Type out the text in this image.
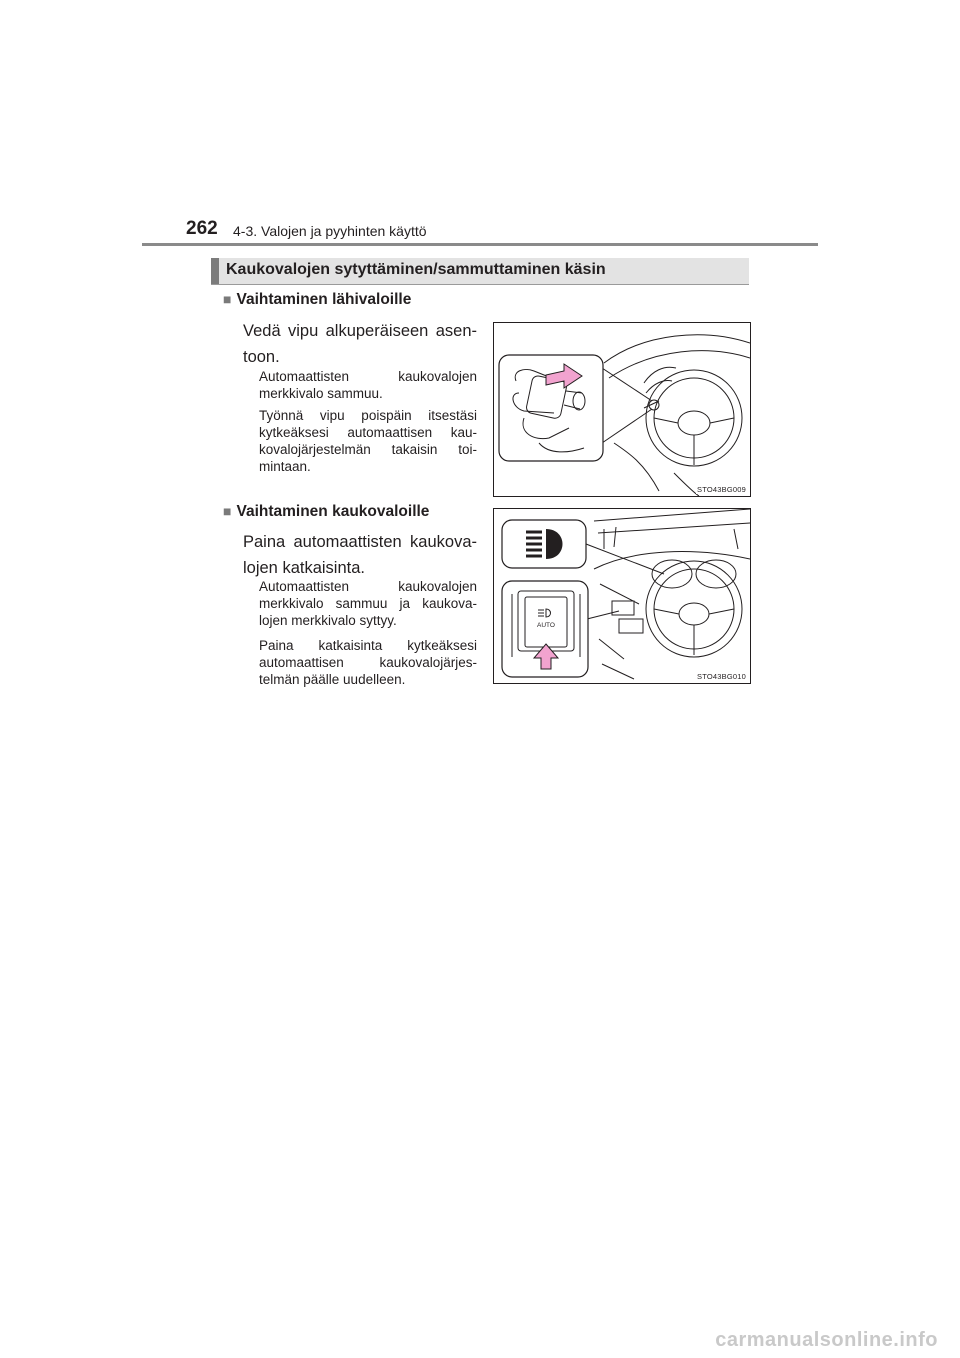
262 4-3. Valojen ja pyyhinten käyttö
Kaukovalojen sytyttäminen/sammuttaminen käsin
■ Vaihtaminen lähivaloille
Vedä vipu alkuperäiseen asen- toon.
Automaattisten kaukovalojen merkkivalo sammuu.
Työnnä vipu poispäin itsestäsi kytkeäksesi automaattisen kau- kovalojärjestelmän takaisin toi- mintaan.
STO43BG009
■ Vaihtaminen kaukovaloille
Paina automaattisten kaukova- lojen katkaisinta.
Automaattisten kaukovalojen merkkivalo sammuu ja kaukova- lojen merkkivalo syttyy.
Paina katkaisinta kytkeäksesi automaattisen kaukovalojärjes- telmän päälle uudelleen.
AUTO
STO43BG010
carmanualsonline.info
